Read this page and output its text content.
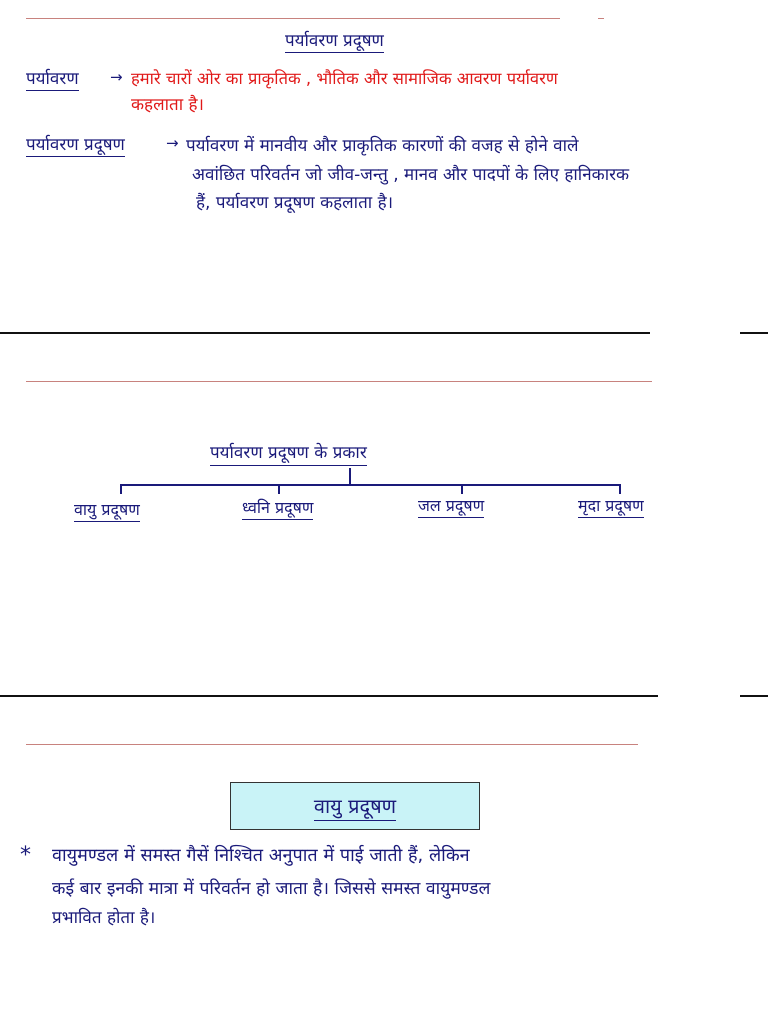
पर्यावरण प्रदूषण
पर्यावरण → हमारे चारों ओर का प्राकृतिक , भौतिक और सामाजिक आवरण पर्यावरण
कहलाता है।
पर्यावरण प्रदूषण	→ पर्यावरण में मानवीय और प्राकृतिक कारणों की वजह से होने वाले
अवांछित परिवर्तन जो जीव-जन्तु , मानव और पादपों के लिए हानिकारक
हैं, पर्यावरण प्रदूषण कहलाता है।
पर्यावरण प्रदूषण के प्रकार
वायु प्रदूषण	ध्वनि प्रदूषण	जल प्रदूषण	मृदा प्रदूषण
वायु प्रदूषण
* वायुमण्डल में समस्त गैसें निश्चित अनुपात में पाई जाती हैं, लेकिन
कई बार इनकी मात्रा में परिवर्तन हो जाता है। जिससे समस्त वायुमण्डल
प्रभावित होता है।
